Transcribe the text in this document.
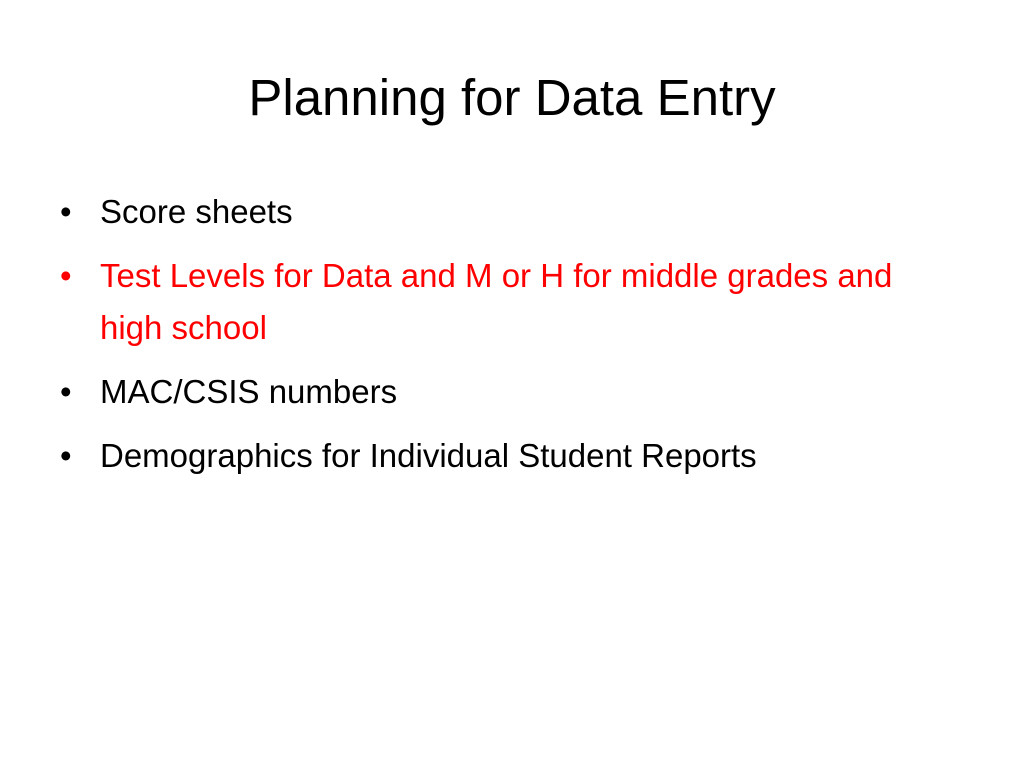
Planning for Data Entry
• Score sheets
• Test Levels for Data and M or H for middle grades and high school
• MAC/CSIS numbers
• Demographics for Individual Student Reports
